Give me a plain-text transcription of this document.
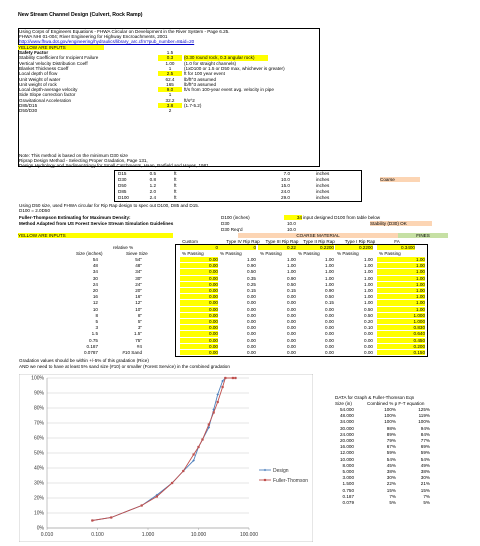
New Stream Channel Design (Culvert, Rock Ramp)
Using Corps of Engineers Equations - FHWA Circular on Development in the River System - Page 6.25.
FHWA NHI 01-004; River Engineering for Highway Encroachments, 2001
http://www.fhwa.dot.gov/engineering/hydraulics/library_arc.cfm?pub_number=8&id=20
YELLOW ARE INPUTS
Safety Factor	1.5
Stability Coefficient for Incipient Failure	0.3	(0.30 round rock, 0.3 angular rock)
Vertical Velocity Distribution Coeff	1.00	(1.0 for straight channels)
Blanket Thickness Coeff	1	(1xD100 or 1.5 or D50 max, whichever is greater)
Local depth of flow	2.5	ft for 100 year event
Unit Weight of water	62.4	lb/ft^3 assumed
Unit weight of rock	165	lb/ft^3 assumed
Local depth-average velocity	9.0	ft/s from 100-year event avg. velocity in pipe
Side Slope correction factor	1
Gravitational Acceleration	32.2	ft/s^2
D85/D15	3.8	(1.7-5.2)
D50/D30	2
Note: This method is based on the minimum D30 size
Riprap Design Method - Selecting Proper Gradation, Page 131,
Design Hydrology and Sedimentology for Small Catchments, Haan, Barfield and Hayes, 1981.
D15	0.5	ft	7.0	inches
D30	0.8	ft	10.0	inches
D50	1.2	ft	15.0	inches
D85	2.0	ft	24.0	inches
D100	2.4	ft	29.0	inches
Coarse
Using D50 size, used FHWA circular for Rip Rap design to spec out D100, D85 and D15.
D100 = 2.0D50
Fuller-Thompson Estimating for Maximum Density:	D100 (inches)	34 input designed D100 from table below
Method Adapted from US Forest Service Stream Simulation Guidelines	D30	10.0	Stability (D30) OK
D30 Req'd	10.0
YELLOW ARE INPUTS	COARSE MATERIAL	FINES
Custom	Type IV Rip Rap	Type III Rip Rap	Type II Rip Rap	Type I Rip Rap	FA
relative %
Size (inches)	Sieve Size
0	0	0.22	0.2200	0.2200	0.3400
% Passing	% Passing	% Passing	% Passing	% Passing	% Passing
54	54"	0.00	1.00	1.00	1.00	1.00	1.00
48	48"	0.00	0.90	1.00	1.00	1.00	1.00
34	34"	0.00	0.50	1.00	1.00	1.00	1.00
30	30"	0.00	0.35	0.90	1.00	1.00	1.00
24	24"	0.00	0.25	0.50	1.00	1.00	1.00
20	20"	0.00	0.15	0.15	0.90	1.00	1.00
16	16"	0.00	0.00	0.00	0.50	1.00	1.00
12	12"	0.00	0.00	0.00	0.15	1.00	1.00
10	10"	0.00	0.00	0.00	0.00	0.50	1.00
8	8"	0.00	0.00	0.00	0.00	0.50	1.000
5	5"	0.00	0.00	0.00	0.00	0.20	1.000
3	3"	0.00	0.00	0.00	0.00	0.10	0.830
1.5	1.5"	0.00	0.00	0.00	0.00	0.00	0.640
0.75	75"	0.00	0.00	0.00	0.00	0.00	0.450
0.187	#4	0.00	0.00	0.00	0.00	0.00	0.200
0.0787	#10 Sand	0.00	0.00	0.00	0.00	0.00	0.150
Gradation values should be within +/-5% of this gradation (Rice)
AND we need to have at least 5% sand size (#10) or smaller (Forest Service) in the combined gradation
0%
10%
20%
30%
40%
50%
60%
70%
80%
90%
100%
0.010	0.100	1.000	10.000	100.000
Design
Fuller-Thomson
DATA for Graph & Fuller-Thomson Eqn
Size (in)	Combined % p F-T equation
54.000	100%	125%
48.000	100%	119%
34.000	100%	100%
30.000	98%	94%
24.000	89%	84%
20.000	79%	77%
16.000	67%	69%
12.000	59%	59%
10.000	54%	54%
8.000	45%	49%
5.000	38%	38%
3.000	30%	30%
1.500	22%	21%
0.750	15%	15%
0.187	7%	7%
0.079	5%	5%
